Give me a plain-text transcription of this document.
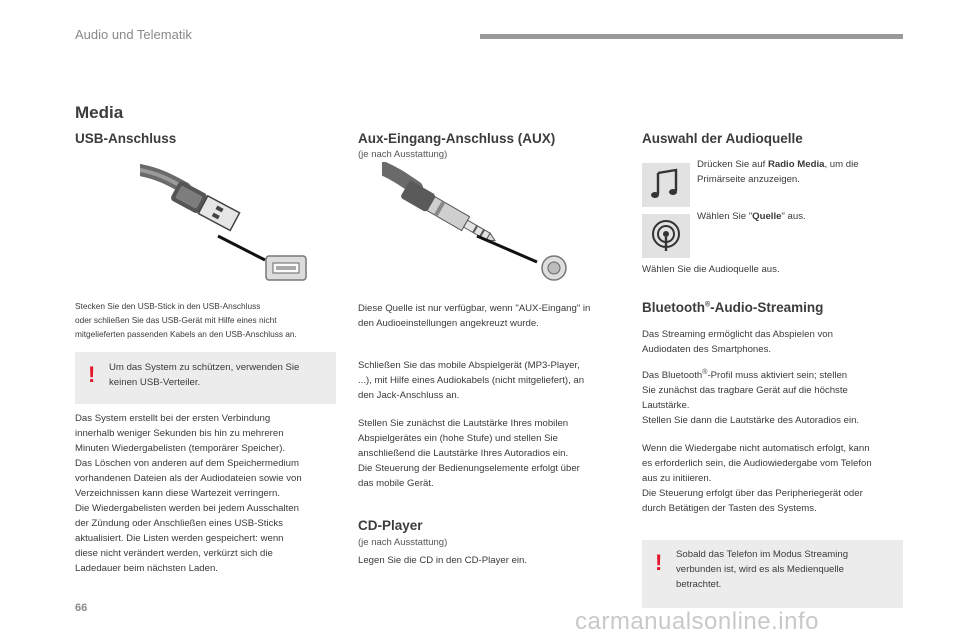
Audio und Telematik
Media
USB-Anschluss

Stecken Sie den USB-Stick in den USB-Anschluss
oder schließen Sie das USB-Gerät mit Hilfe eines nicht
mitgelieferten passenden Kabels an den USB-Anschluss an.

! Um das System zu schützen, verwenden Sie
keinen USB-Verteiler.

Das System erstellt bei der ersten Verbindung
innerhalb weniger Sekunden bis hin zu mehreren
Minuten Wiedergabelisten (temporärer Speicher).
Das Löschen von anderen auf dem Speichermedium
vorhandenen Dateien als der Audiodateien sowie von
Verzeichnissen kann diese Wartezeit verringern.
Die Wiedergabelisten werden bei jedem Ausschalten
der Zündung oder Anschließen eines USB-Sticks
aktualisiert. Die Listen werden gespeichert: wenn
diese nicht verändert werden, verkürzt sich die
Ladedauer beim nächsten Laden.

Aux-Eingang-Anschluss (AUX)
(je nach Ausstattung)

Diese Quelle ist nur verfügbar, wenn "AUX-Eingang" in
den Audioeinstellungen angekreuzt wurde.

Schließen Sie das mobile Abspielgerät (MP3-Player,
...), mit Hilfe eines Audiokabels (nicht mitgeliefert), an
den Jack-Anschluss an.

Stellen Sie zunächst die Lautstärke Ihres mobilen
Abspielgerätes ein (hohe Stufe) und stellen Sie
anschließend die Lautstärke Ihres Autoradios ein.
Die Steuerung der Bedienungselemente erfolgt über
das mobile Gerät.

CD-Player
(je nach Ausstattung)

Legen Sie die CD in den CD-Player ein.

Auswahl der Audioquelle

Drücken Sie auf Radio Media, um die
Primärseite anzuzeigen.

Wählen Sie "Quelle" aus.

Wählen Sie die Audioquelle aus.

Bluetooth®-Audio-Streaming

Das Streaming ermöglicht das Abspielen von
Audiodaten des Smartphones.

Das Bluetooth®-Profil muss aktiviert sein; stellen
Sie zunächst das tragbare Gerät auf die höchste
Lautstärke.
Stellen Sie dann die Lautstärke des Autoradios ein.

Wenn die Wiedergabe nicht automatisch erfolgt, kann
es erforderlich sein, die Audiowiedergabe vom Telefon
aus zu initiieren.
Die Steuerung erfolgt über das Peripheriegerät oder
durch Betätigen der Tasten des Systems.

! Sobald das Telefon im Modus Streaming
verbunden ist, wird es als Medienquelle
betrachtet.

66	carmanualsonline.info
